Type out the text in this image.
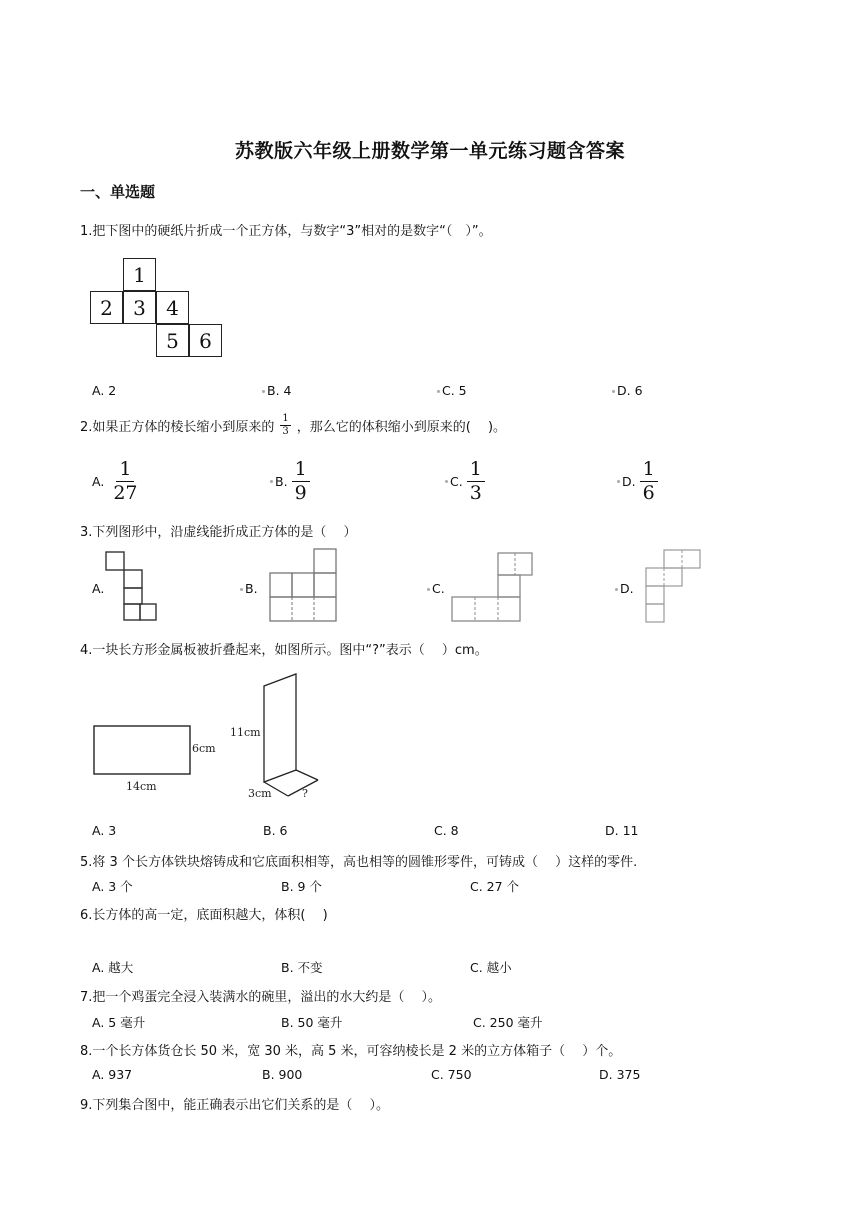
苏教版六年级上册数学第一单元练习题含答案
一、单选题
1.把下图中的硬纸片折成一个正方体，与数字“3”相对的是数字“（　）”。
1
2	3	4
5	6
A. 2	B. 4	C. 5	D. 6
2.如果正方体的棱长缩小到原来的 $\frac{1}{3}$ ，那么它的体积缩小到原来的(　 )。
A. $\frac{1}{27}$	B. $\frac{1}{9}$	C. $\frac{1}{3}$	D. $\frac{1}{6}$
3.下列图形中，沿虚线能折成正方体的是（　 ）
A.	B.	C.	D.
4.一块长方形金属板被折叠起来，如图所示。图中“?”表示（　 ）cm。
6cm
14cm
11cm
3cm	?
A. 3	B. 6	C. 8	D. 11
5.将 3 个长方体铁块熔铸成和它底面积相等，高也相等的圆锥形零件，可铸成（　 ）这样的零件.
A. 3 个	B. 9 个	C. 27 个
6.长方体的高一定，底面积越大，体积(　 )
A. 越大	B. 不变	C. 越小
7.把一个鸡蛋完全浸入装满水的碗里，溢出的水大约是（　 ）。
A. 5 毫升	B. 50 毫升	C. 250 毫升
8.一个长方体货仓长 50 米，宽 30 米，高 5 米，可容纳棱长是 2 米的立方体箱子（　 ）个。
A. 937	B. 900	C. 750	D. 375
9.下列集合图中，能正确表示出它们关系的是（　 ）。
